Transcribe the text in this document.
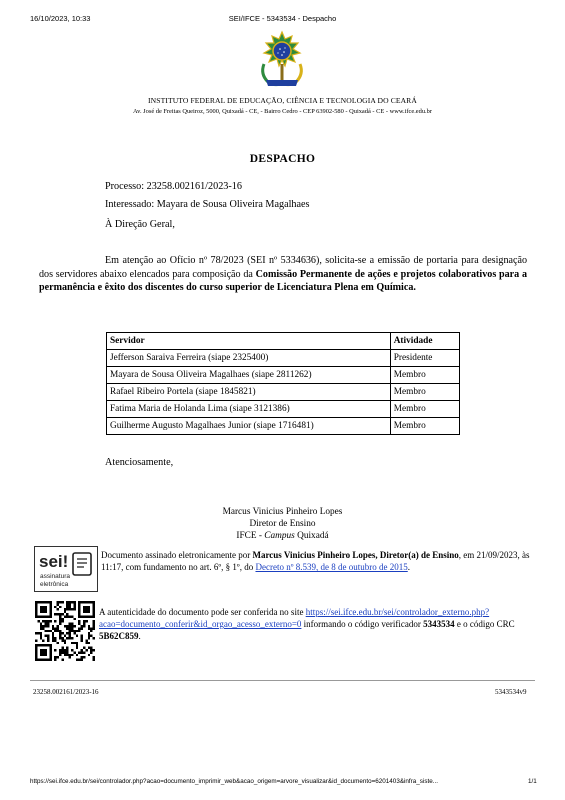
16/10/2023, 10:33	SEI/IFCE - 5343534 - Despacho
INSTITUTO FEDERAL DE EDUCAÇÃO, CIÊNCIA E TECNOLOGIA DO CEARÁ
Av. José de Freitas Queiroz, 5000, Quixadá - CE, - Bairro Cedro - CEP 63902-580 - Quixadá - CE - www.ifce.edu.br
DESPACHO
Processo: 23258.002161/2023-16
Interessado: Mayara de Sousa Oliveira Magalhaes
À Direção Geral,
Em atenção ao Ofício nº 78/2023 (SEI nº 5334636), solicita-se a emissão de portaria para designação dos servidores abaixo elencados para composição da Comissão Permanente de ações e projetos colaborativos para a permanência e êxito dos discentes do curso superior de Licenciatura Plena em Química.
Servidor	Atividade
Jefferson Saraiva Ferreira (siape 2325400)	Presidente
Mayara de Sousa Oliveira Magalhaes (siape 2811262)	Membro
Rafael Ribeiro Portela (siape 1845821)	Membro
Fatima Maria de Holanda Lima (siape 3121386)	Membro
Guilherme Augusto Magalhaes Junior (siape 1716481)	Membro
Atenciosamente,
Marcus Vinicius Pinheiro Lopes
Diretor de Ensino
IFCE - Campus Quixadá
sei!
assinatura
eletrônica
Documento assinado eletronicamente por Marcus Vinicius Pinheiro Lopes, Diretor(a) de Ensino, em 21/09/2023, às 11:17, com fundamento no art. 6º, § 1º, do Decreto nº 8.539, de 8 de outubro de 2015.
A autenticidade do documento pode ser conferida no site https://sei.ifce.edu.br/sei/controlador_externo.php?acao=documento_conferir&id_orgao_acesso_externo=0 informando o código verificador 5343534 e o código CRC 5B62C859.
23258.002161/2023-16	5343534v9
https://sei.ifce.edu.br/sei/controlador.php?acao=documento_imprimir_web&acao_origem=arvore_visualizar&id_documento=6201403&infra_siste...	1/1
